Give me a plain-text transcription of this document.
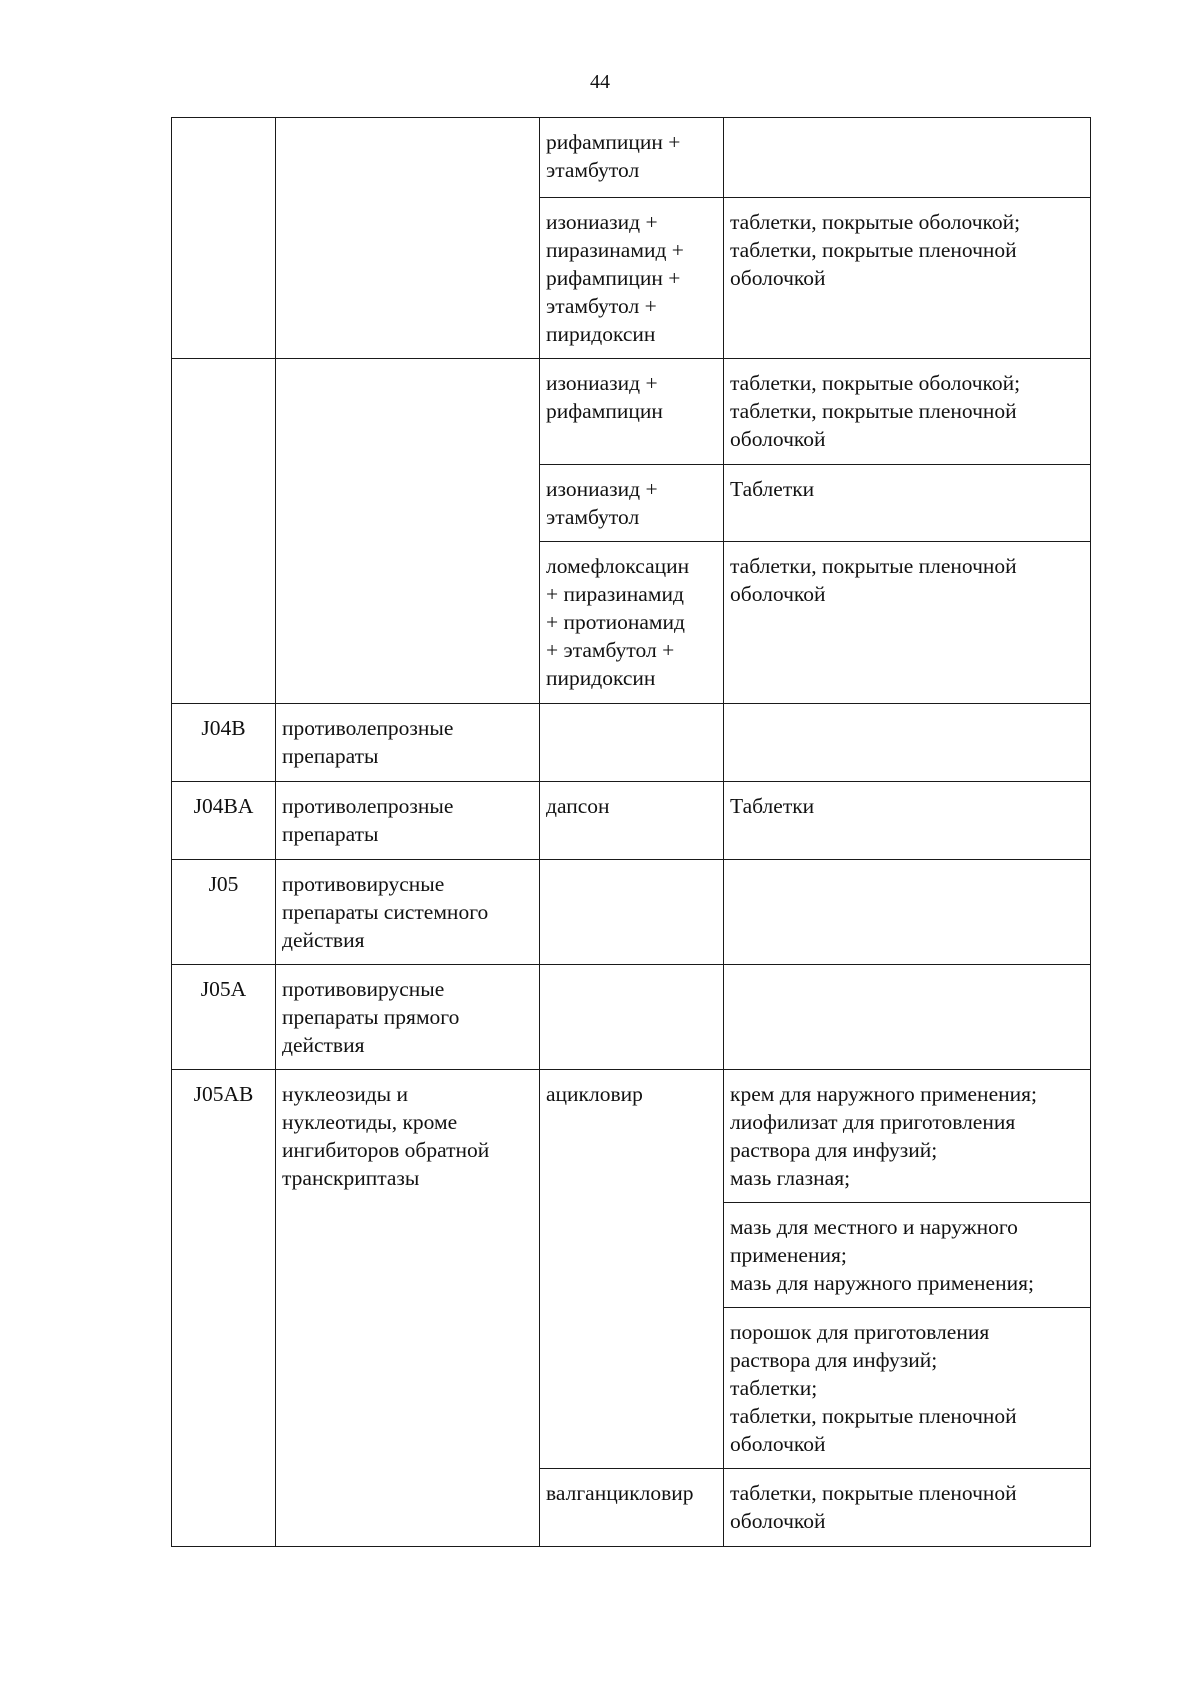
44

		рифампицин +
этамбутол	

		изониазид +
пиразинамид +
рифампицин +
этамбутол +
пиридоксин	таблетки, покрытые оболочкой;
таблетки, покрытые пленочной
оболочкой

		изониазид +
рифампицин	таблетки, покрытые оболочкой;
таблетки, покрытые пленочной
оболочкой

		изониазид +
этамбутол	Таблетки

		ломефлоксацин
+ пиразинамид
+ протионамид
+ этамбутол +
пиридоксин	таблетки, покрытые пленочной
оболочкой

J04B	противолепрозные
препараты		

J04BA	противолепрозные
препараты	дапсон	Таблетки

J05	противовирусные
препараты системного
действия		

J05A	противовирусные
препараты прямого
действия		

J05AB	нуклеозиды и
нуклеотиды, кроме
ингибиторов обратной
транскриптазы	ацикловир	крем для наружного применения;
лиофилизат для приготовления
раствора для инфузий;
мазь глазная;

			мазь для местного и наружного
применения;
мазь для наружного применения;

			порошок для приготовления
раствора для инфузий;
таблетки;
таблетки, покрытые пленочной
оболочкой

		валганцикловир	таблетки, покрытые пленочной
оболочкой
